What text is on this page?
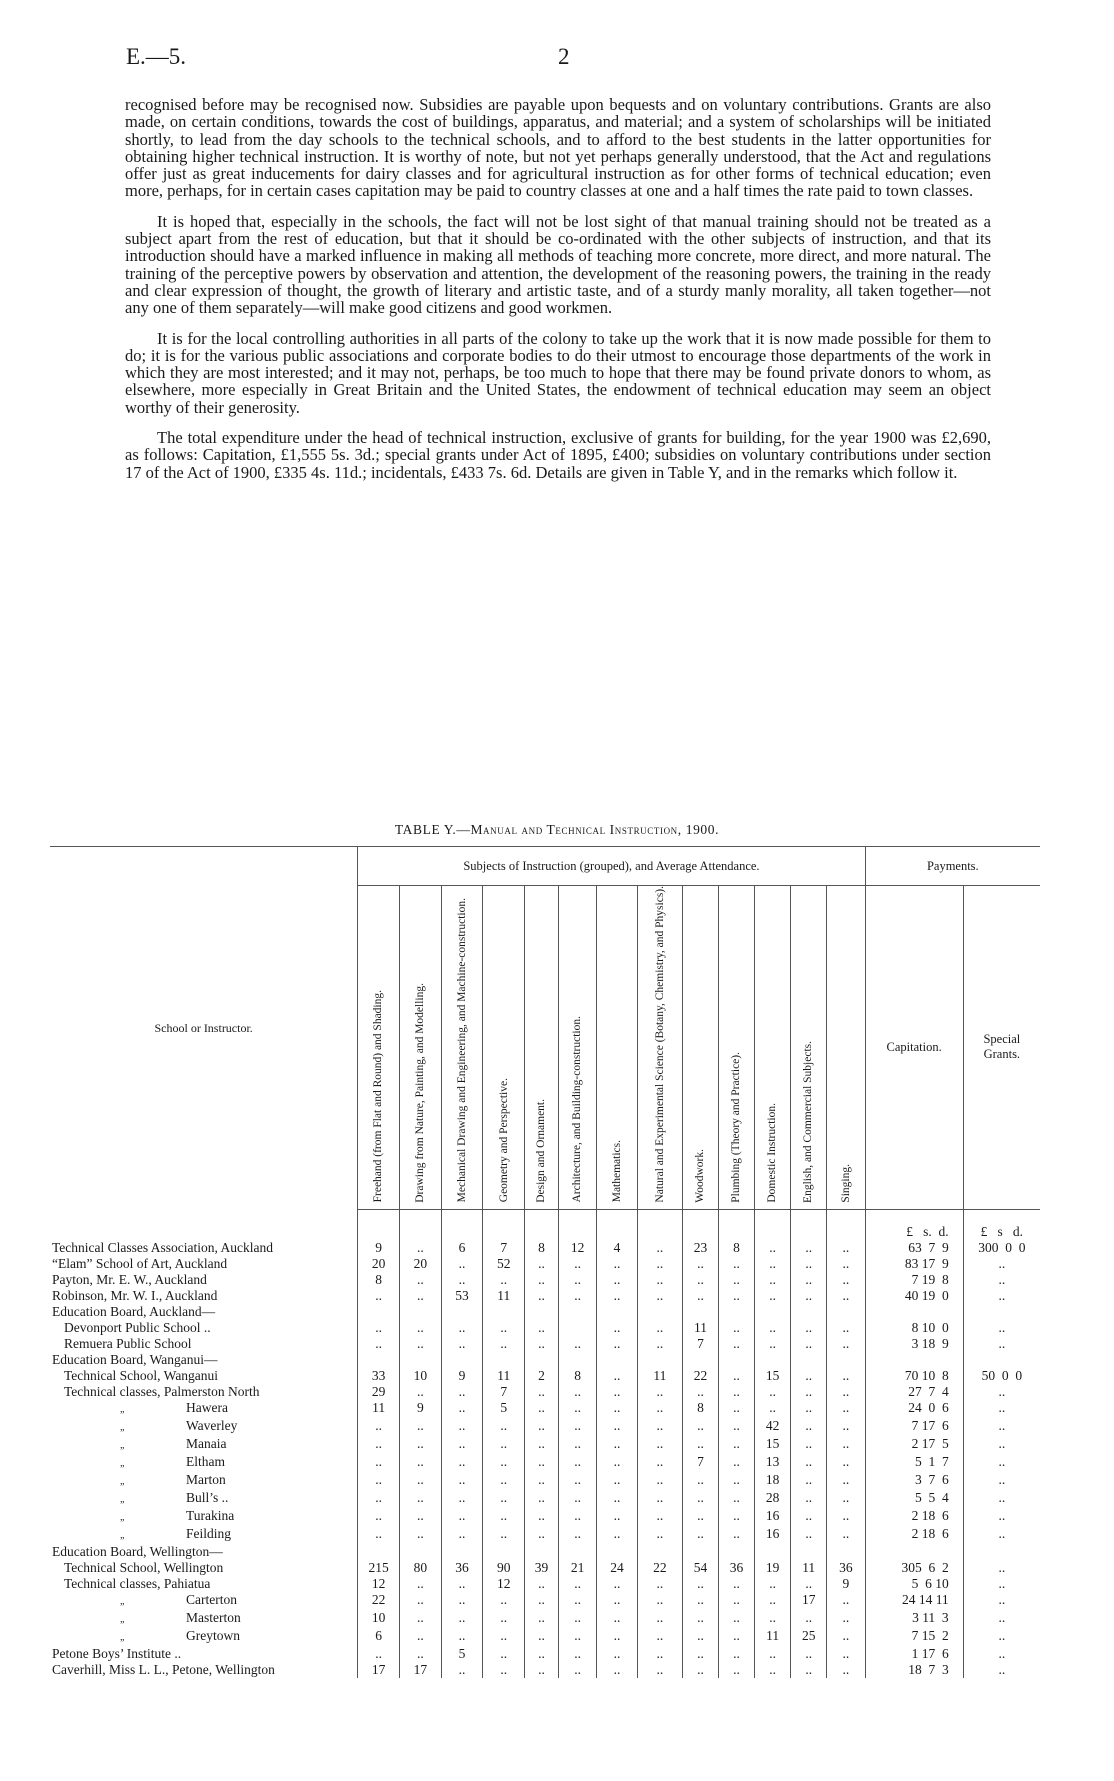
E.—5.	2

recognised before may be recognised now. Subsidies are payable upon bequests and on voluntary contributions. Grants are also made, on certain conditions, towards the cost of buildings, apparatus, and material; and a system of scholarships will be initiated shortly, to lead from the day schools to the technical schools, and to afford to the best students in the latter opportunities for obtaining higher technical instruction. It is worthy of note, but not yet perhaps generally understood, that the Act and regulations offer just as great inducements for dairy classes and for agricultural instruction as for other forms of technical education; even more, perhaps, for in certain cases capitation may be paid to country classes at one and a half times the rate paid to town classes.

It is hoped that, especially in the schools, the fact will not be lost sight of that manual training should not be treated as a subject apart from the rest of education, but that it should be co-ordinated with the other subjects of instruction, and that its introduction should have a marked influence in making all methods of teaching more concrete, more direct, and more natural. The training of the perceptive powers by observation and attention, the development of the reasoning powers, the training in the ready and clear expression of thought, the growth of literary and artistic taste, and of a sturdy manly morality, all taken together—not any one of them separately—will make good citizens and good workmen.

It is for the local controlling authorities in all parts of the colony to take up the work that it is now made possible for them to do; it is for the various public associations and corporate bodies to do their utmost to encourage those departments of the work in which they are most interested; and it may not, perhaps, be too much to hope that there may be found private donors to whom, as elsewhere, more especially in Great Britain and the United States, the endowment of technical education may seem an object worthy of their generosity.

The total expenditure under the head of technical instruction, exclusive of grants for building, for the year 1900 was £2,690, as follows: Capitation, £1,555 5s. 3d.; special grants under Act of 1895, £400; subsidies on voluntary contributions under section 17 of the Act of 1900, £335 4s. 11d.; incidentals, £433 7s. 6d. Details are given in Table Y, and in the remarks which follow it.

TABLE Y.—Manual and Technical Instruction, 1900.
School or Instructor.	Subjects of Instruction (grouped), and Average Attendance.													Payments.	

	Freehand (from Flat and Round) and Shading.	Drawing from Nature, Painting, and Modelling.	Mechanical Drawing and Engineering, and Machine-construction.	Geometry and Perspective.	Design and Ornament.	Architecture, and Building-construction.	Mathematics.	Natural and Experimental Science (Botany, Chemistry, and Physics).	Woodwork.	Plumbing (Theory and Practice).	Domestic Instruction.	English, and Commercial Subjects.	Singing.	Capitation.	Special Grants.
														£   s.  d.	£   s   d.
Technical Classes Association, Auckland	9	..	6	7	8	12	4	..	23	8	..	..	..	63  7  9	300  0  0
“Elam” School of Art, Auckland	20	20	..	52	..	..	..	..	..	..	..	..	..	83 17  9	..
Payton, Mr. E. W., Auckland	8	..	..	..	..	..	..	..	..	..	..	..	..	7 19  8	..
Robinson, Mr. W. I., Auckland	..	..	53	11	..	..	..	..	..	..	..	..	..	40 19  0	..
Education Board, Auckland—															
Devonport Public School ..	..	..	..	..	..		..	..	11	..	..	..	..	8 10  0	..
Remuera Public School	..	..	..	..	..	..	..	..	7	..	..	..	..	3 18  9	..
Education Board, Wanganui—															
Technical School, Wanganui	33	10	9	11	2	8	..	11	22	..	15	..	..	70 10  8	50  0  0
Technical classes, Palmerston North	29	..	..	7	..	..	..	..	..	..	..	..	..	27  7  4	..
„ Hawera	11	9	..	5	..	..	..	..	8	..	..	..	..	24  0  6	..
„ Waverley	..	..	..	..	..	..	..	..	..	..	42	..	..	7 17  6	..
„ Manaia	..	..	..	..	..	..	..	..	..	..	15	..	..	2 17  5	..
„ Eltham	..	..	..	..	..	..	..	..	7	..	13	..	..	5  1  7	..
„ Marton	..	..	..	..	..	..	..	..	..	..	18	..	..	3  7  6	..
„ Bull’s ..	..	..	..	..	..	..	..	..	..	..	28	..	..	5  5  4	..
„ Turakina	..	..	..	..	..	..	..	..	..	..	16	..	..	2 18  6	..
„ Feilding	..	..	..	..	..	..	..	..	..	..	16	..	..	2 18  6	..
Education Board, Wellington—															
Technical School, Wellington	215	80	36	90	39	21	24	22	54	36	19	11	36	305  6  2	..
Technical classes, Pahiatua	12	..	..	12	..	..	..	..	..	..	..	..	9	5  6 10	..
„ Carterton	22	..	..	..	..	..	..	..	..	..	..	17	..	24 14 11	..
„ Masterton	10	..	..	..	..	..	..	..	..	..	..	..	..	3 11  3	..
„ Greytown	6	..	..	..	..	..	..	..	..	..	11	25	..	7 15  2	..
Petone Boys’ Institute ..	..	..	5	..	..	..	..	..	..	..	..	..	..	1 17  6	..
Caverhill, Miss L. L., Petone, Wellington	17	17	..	..	..	..	..	..	..	..	..	..	..	18  7  3	..
